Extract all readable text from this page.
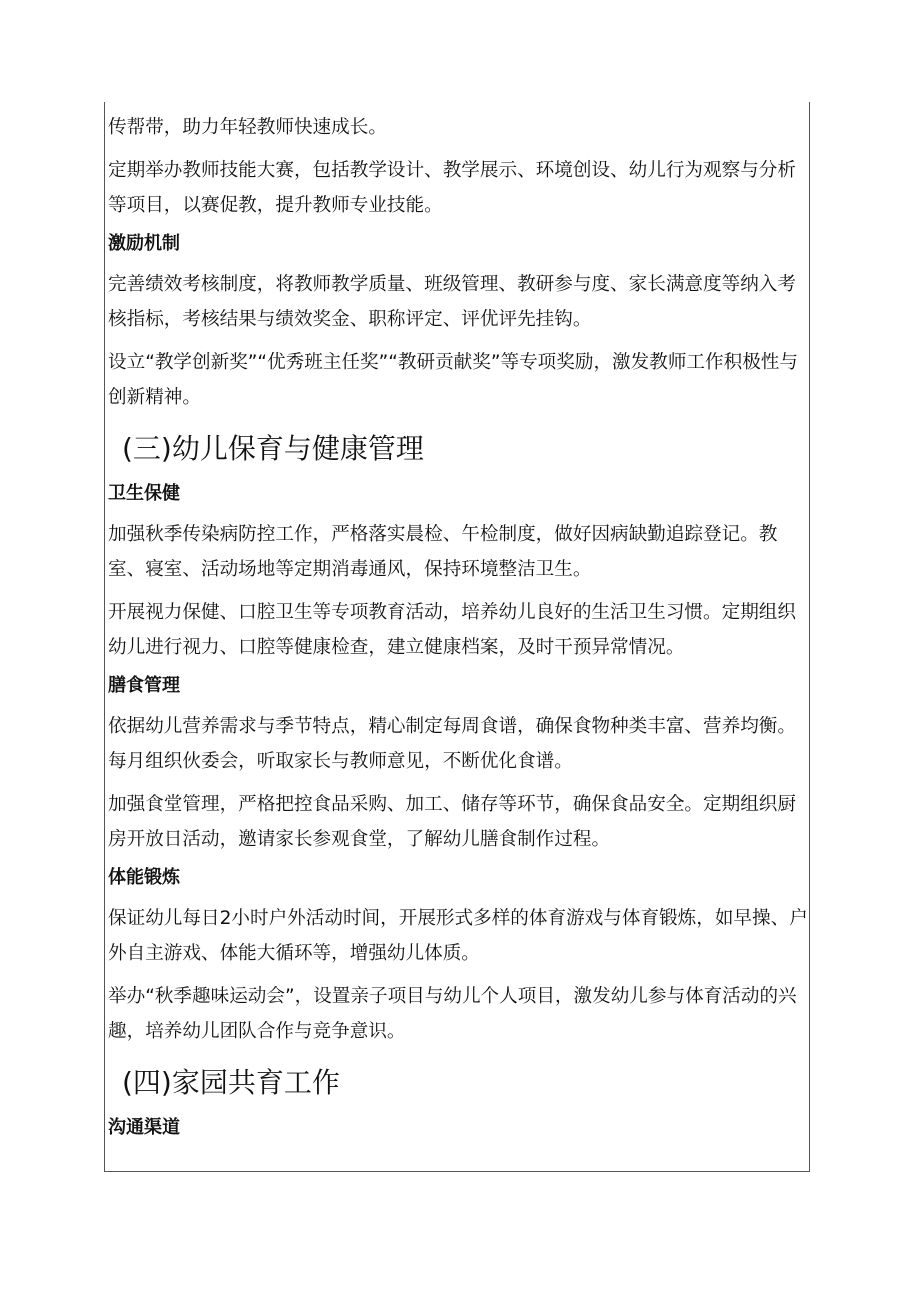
传帮带，助力年轻教师快速成长。

定期举办教师技能大赛，包括教学设计、教学展示、环境创设、幼儿行为观察与分析等项目，以赛促教，提升教师专业技能。

激励机制

完善绩效考核制度，将教师教学质量、班级管理、教研参与度、家长满意度等纳入考核指标，考核结果与绩效奖金、职称评定、评优评先挂钩。

设立“教学创新奖”“优秀班主任奖”“教研贡献奖”等专项奖励，激发教师工作积极性与创新精神。

(三)幼儿保育与健康管理
卫生保健

加强秋季传染病防控工作，严格落实晨检、午检制度，做好因病缺勤追踪登记。教室、寝室、活动场地等定期消毒通风，保持环境整洁卫生。

开展视力保健、口腔卫生等专项教育活动，培养幼儿良好的生活卫生习惯。定期组织幼儿进行视力、口腔等健康检查，建立健康档案，及时干预异常情况。

膳食管理

依据幼儿营养需求与季节特点，精心制定每周食谱，确保食物种类丰富、营养均衡。每月组织伙委会，听取家长与教师意见，不断优化食谱。

加强食堂管理，严格把控食品采购、加工、储存等环节，确保食品安全。定期组织厨房开放日活动，邀请家长参观食堂，了解幼儿膳食制作过程。

体能锻炼

保证幼儿每日2小时户外活动时间，开展形式多样的体育游戏与体育锻炼，如早操、户外自主游戏、体能大循环等，增强幼儿体质。

举办“秋季趣味运动会”，设置亲子项目与幼儿个人项目，激发幼儿参与体育活动的兴趣，培养幼儿团队合作与竞争意识。

(四)家园共育工作
沟通渠道
